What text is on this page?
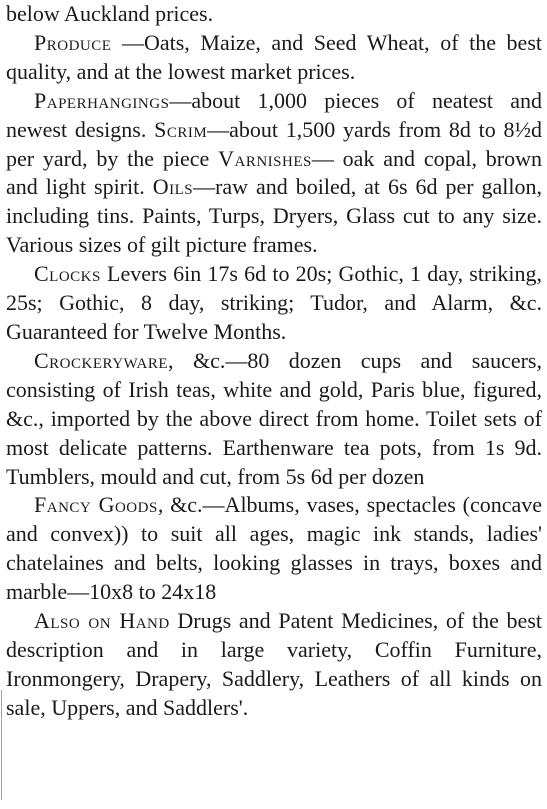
below Auckland prices.

Produce —Oats, Maize, and Seed Wheat, of the best quality, and at the lowest market prices.

Paperhangings—about 1,000 pieces of neatest and newest designs. Scrim—about 1,500 yards from 8d to 8½d per yard, by the piece Varnishes— oak and copal, brown and light spirit. Oils—raw and boiled, at 6s 6d per gallon, including tins. Paints, Turps, Dryers, Glass cut to any size. Various sizes of gilt picture frames.

Clocks Levers 6in 17s 6d to 20s; Gothic, 1 day, striking, 25s; Gothic, 8 day, striking; Tudor, and Alarm, &c. Guaranteed for Twelve Months.

Crockeryware, &c.—80 dozen cups and saucers, consisting of Irish teas, white and gold, Paris blue, figured, &c., imported by the above direct from home. Toilet sets of most delicate patterns. Earthenware tea pots, from 1s 9d. Tumblers, mould and cut, from 5s 6d per dozen

Fancy Goods, &c.—Albums, vases, spectacles (concave and convex)) to suit all ages, magic ink stands, ladies' chatelaines and belts, looking glasses in trays, boxes and marble—10x8 to 24x18

Also on Hand Drugs and Patent Medicines, of the best description and in large variety, Coffin Furniture, Ironmongery, Drapery, Saddlery, Leathers of all kinds on sale, Uppers, and Saddlers'.
